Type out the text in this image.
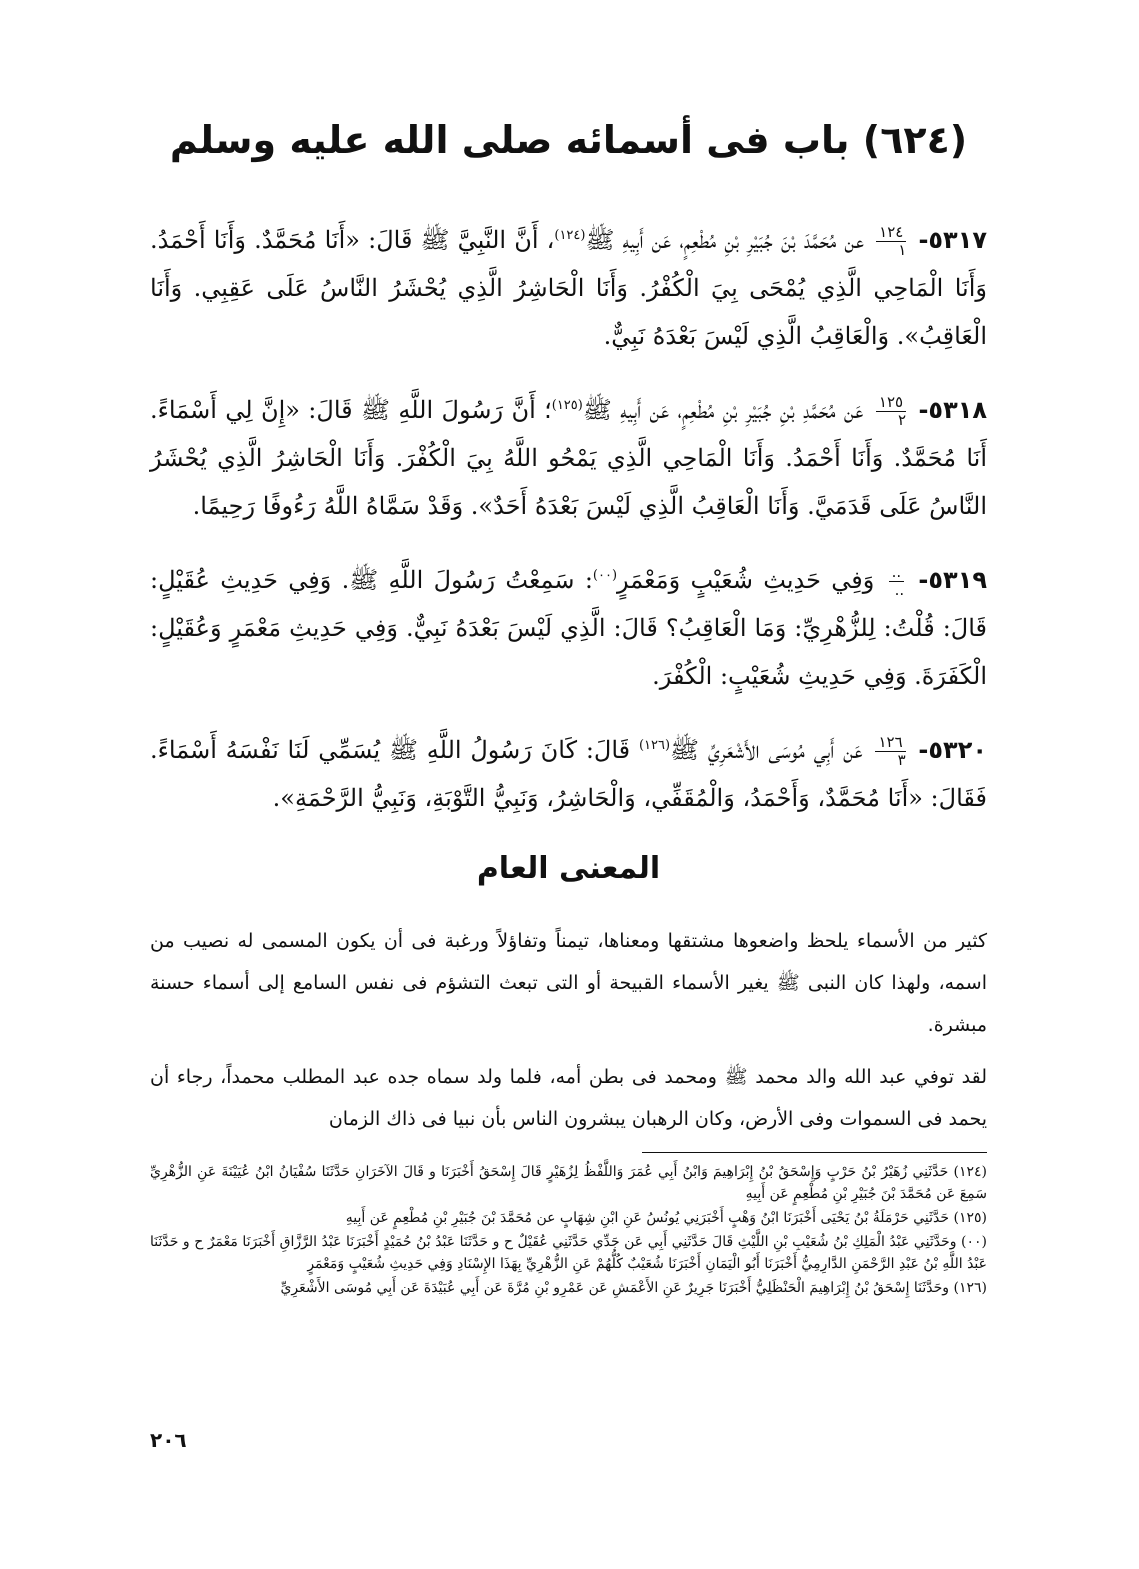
(٦٢٤) باب فى أسمائه صلى الله عليه وسلم

٥٣١٧-
$\frac{١٢٤}{١}$
عن مُحَمَّدَ بْنَ جُبَيْرِ بْنِ مُطْعِمٍ، عَن أَبِيهِ ﷺ$^{(١٢٤)}$، أَنَّ النَّبِيَّ ﷺ قَالَ: «أَنَا مُحَمَّدٌ. وَأَنَا أَحْمَدُ. وَأَنَا الْمَاحِي الَّذِي يُمْحَى بِيَ الْكُفْرُ. وَأَنَا الْحَاشِرُ الَّذِي يُحْشَرُ النَّاسُ عَلَى عَقِبِي. وَأَنَا الْعَاقِبُ». وَالْعَاقِبُ الَّذِي لَيْسَ بَعْدَهُ نَبِيٌّ.

٥٣١٨-
$\frac{١٢٥}{٢}$
عَن مُحَمَّدِ بْنِ جُبَيْرِ بْنِ مُطْعِمٍ، عَن أَبِيهِ ﷺ$^{(١٢٥)}$؛ أَنَّ رَسُولَ اللَّهِ ﷺ قَالَ: «إِنَّ لِي أَسْمَاءً. أَنَا مُحَمَّدٌ. وَأَنَا أَحْمَدُ. وَأَنَا الْمَاحِي الَّذِي يَمْحُو اللَّهُ بِيَ الْكُفْرَ. وَأَنَا الْحَاشِرُ الَّذِي يُحْشَرُ النَّاسُ عَلَى قَدَمَيَّ. وَأَنَا الْعَاقِبُ الَّذِي لَيْسَ بَعْدَهُ أَحَدٌ». وَقَدْ سَمَّاهُ اللَّهُ رَءُوفًا رَحِيمًا.

٥٣١٩-
$\frac{..}{..}$
وَفِي حَدِيثِ شُعَيْبٍ وَمَعْمَرٍ$^{(٠٠)}$: سَمِعْتُ رَسُولَ اللَّهِ ﷺ. وَفِي حَدِيثِ عُقَيْلٍ: قَالَ: قُلْتُ: لِلزُّهْرِيِّ: وَمَا الْعَاقِبُ؟ قَالَ: الَّذِي لَيْسَ بَعْدَهُ نَبِيٌّ. وَفِي حَدِيثِ مَعْمَرٍ وَعُقَيْلٍ: الْكَفَرَةَ. وَفِي حَدِيثِ شُعَيْبٍ: الْكُفْرَ.

٥٣٢٠-
$\frac{١٢٦}{٣}$
عَن أَبِي مُوسَى الأَشْعَرِيِّ ﷺ$^{(١٢٦)}$ قَالَ: كَانَ رَسُولُ اللَّهِ ﷺ يُسَمِّي لَنَا نَفْسَهُ أَسْمَاءً. فَقَالَ: «أَنَا مُحَمَّدٌ، وَأَحْمَدُ، وَالْمُقَفِّي، وَالْحَاشِرُ، وَنَبِيُّ التَّوْبَةِ، وَنَبِيُّ الرَّحْمَةِ».

المعنى العام

كثير من الأسماء يلحظ واضعوها مشتقها ومعناها، تيمناً وتفاؤلاً ورغبة فى أن يكون المسمى له نصيب من اسمه، ولهذا كان النبى ﷺ يغير الأسماء القبيحة أو التى تبعث التشؤم فى نفس السامع إلى أسماء حسنة مبشرة.

لقد توفي عبد الله والد محمد ﷺ ومحمد فى بطن أمه، فلما ولد سماه جده عبد المطلب محمداً، رجاء أن يحمد فى السموات وفى الأرض، وكان الرهبان يبشرون الناس بأن نبيا فى ذاك الزمان

(١٢٤) حَدَّثَنِي زُهَيْرُ بْنُ حَرْبٍ وَإِسْحَقُ بْنُ إِبْرَاهِيمَ وَابْنُ أَبِي عُمَرَ وَاللَّفْظُ لِزُهَيْرٍ قَالَ إِسْحَقُ أَخْبَرَنَا و قَالَ الآخَرَانِ حَدَّثَنَا سُفْيَانُ ابْنُ عُيَيْنَةَ عَنِ الزُّهْرِيِّ سَمِعَ عَن مُحَمَّدَ بْنَ جُبَيْرِ بْنِ مُطْعِمٍ عَن أَبِيهِ

(١٢٥) حَدَّثَنِي حَرْمَلَةُ بْنُ يَحْيَى أَخْبَرَنَا ابْنُ وَهْبٍ أَخْبَرَنِي يُونُسُ عَنِ ابْنِ شِهَابٍ عن مُحَمَّدَ بْنَ جُبَيْرِ بْنِ مُطْعِمٍ عَن أَبِيهِ

(٠٠) وحَدَّثَنِي عَبْدُ الْمَلِكِ بْنُ شُعَيْبِ بْنِ اللَّيْثِ قَالَ حَدَّثَنِي أَبِي عَن جَدِّي حَدَّثَنِي عُقَيْلٌ ح و حَدَّثَنَا عَبْدُ بْنُ حُمَيْدٍ أَخْبَرَنَا عَبْدُ الرَّزَّاقِ أَخْبَرَنَا مَعْمَرٌ ح و حَدَّثَنَا عَبْدُ اللَّهِ بْنُ عَبْدِ الرَّحْمَنِ الدَّارِمِيُّ أَخْبَرَنَا أَبُو الْيَمَانِ أَخْبَرَنَا شُعَيْبٌ كُلُّهُمْ عَنِ الزُّهْرِيِّ بِهَذَا الإِسْنَادِ وَفِي حَدِيثِ شُعَيْبٍ وَمَعْمَرٍ

(١٢٦) وحَدَّثَنَا إِسْحَقُ بْنُ إِبْرَاهِيمَ الْحَنْظَلِيُّ أَخْبَرَنَا جَرِيرٌ عَنِ الأَعْمَشِ عَن عَمْرِو بْنِ مُرَّةَ عَن أَبِي عُبَيْدَةَ عَن أَبِي مُوسَى الأَشْعَرِيِّ

٢٠٦
